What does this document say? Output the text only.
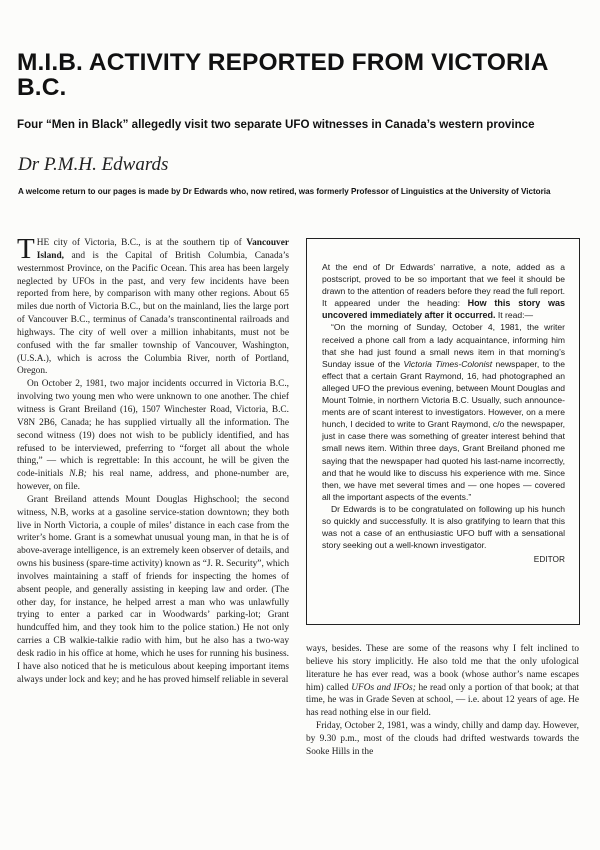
M.I.B. ACTIVITY REPORTED FROM VICTORIA B.C.
Four “Men in Black” allegedly visit two separate UFO witnesses in Canada’s western province
Dr P.M.H. Edwards
A welcome return to our pages is made by Dr Edwards who, now retired, was formerly Professor of Linguistics at the University of Victoria

THE city of Victoria, B.C., is at the southern tip of Vancouver Island, and is the Capital of British Columbia, Canada’s westernmost Province, on the Pacific Ocean. This area has been largely neglected by UFOs in the past, and very few incidents have been reported from here, by comparison with many other regions. About 65 miles due north of Victoria B.C., but on the mainland, lies the large port of Vancouver B.C., terminus of Canada’s transcontinental railroads and highways. The city of well over a million inhabitants, must not be confused with the far smaller township of Vancouver, Washington, (U.S.A.), which is across the Columbia River, north of Portland, Oregon.

On October 2, 1981, two major incidents occurred in Victoria B.C., involving two young men who were unknown to one another. The chief witness is Grant Breiland (16), 1507 Winchester Road, Victoria, B.C. V8N 2B6, Canada; he has supplied virtually all the information. The second witness (19) does not wish to be publicly identified, and has refused to be interviewed, preferring to “forget all about the whole thing,” — which is regrettable: In this account, he will be given the code-initials N.B; his real name, address, and phone-number are, however, on file.

Grant Breiland attends Mount Douglas Highschool; the second witness, N.B, works at a gasoline service-station downtown; they both live in North Victoria, a couple of miles’ distance in each case from the writer’s home. Grant is a somewhat unusual young man, in that he is of above-average intelligence, is an extremely keen observer of details, and owns his business (spare-time activity) known as “J. R. Security”, which involves maintaining a staff of friends for inspecting the homes of absent people, and generally assisting in keeping law and order. (The other day, for instance, he helped arrest a man who was unlawfully trying to enter a parked car in Woodwards’ parking-lot; Grant hundcuffed him, and they took him to the police station.) He not only carries a CB walkie-talkie radio with him, but he also has a two-way desk radio in his office at home, which he uses for running his business. I have also noticed that he is meticulous about keeping important items always under lock and key; and he has proved himself reliable in several

At the end of Dr Edwards’ narrative, a note, added as a postscript, proved to be so important that we feel it should be drawn to the attention of readers before they read the full report. It appeared under the heading: How this story was uncovered immediately after it occurred. It read:—

“On the morning of Sunday, October 4, 1981, the writer received a phone call from a lady acquaintance, informing him that she had just found a small news item in that morning’s Sunday issue of the Victoria Times-Colonist newspaper, to the effect that a certain Grant Raymond, 16, had photographed an alleged UFO the previous evening, between Mount Douglas and Mount Tolmie, in northern Victoria B.C. Usually, such announcements are of scant interest to investigators. However, on a mere hunch, I decided to write to Grant Raymond, c/o the newspaper, just in case there was something of greater interest behind that small news item. Within three days, Grant Breiland phoned me saying that the newspaper had quoted his last-name incorrectly, and that he would like to discuss his experience with me. Since then, we have met several times and — one hopes — covered all the important aspects of the events.”

Dr Edwards is to be congratulated on following up his hunch so quickly and successfully. It is also gratifying to learn that this was not a case of an enthusiastic UFO buff with a sensational story seeking out a well-known investigator.

EDITOR

ways, besides. These are some of the reasons why I felt inclined to believe his story implicitly. He also told me that the only ufological literature he has ever read, was a book (whose author’s name escapes him) called UFOs and IFOs; he read only a portion of that book; at that time, he was in Grade Seven at school, — i.e. about 12 years of age. He has read nothing else in our field.

Friday, October 2, 1981, was a windy, chilly and damp day. However, by 9.30 p.m., most of the clouds had drifted westwards towards the Sooke Hills in the
